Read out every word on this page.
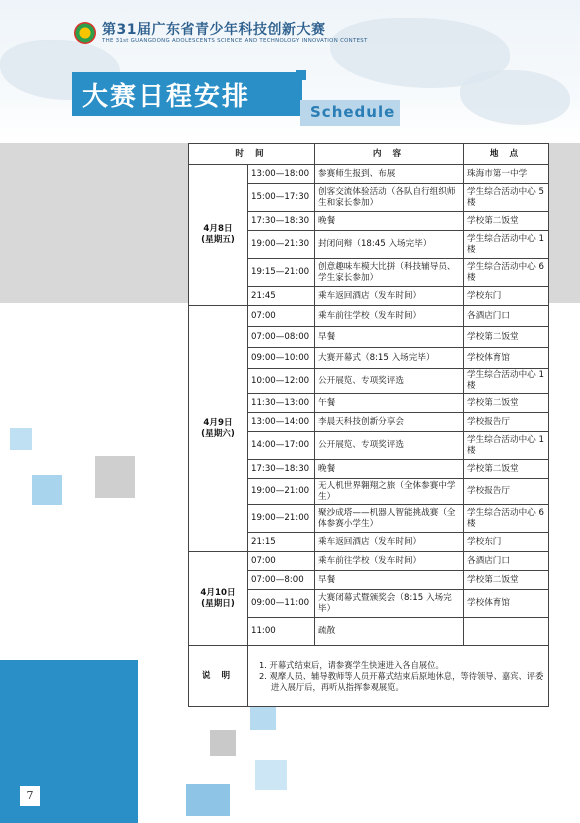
第31届广东省青少年科技创新大赛
THE 31st GUANGDONG ADOLESCENTS SCIENCE AND TECHNOLOGY INNOVATION CONTEST
大赛日程安排	Schedule
7
时 间		内 容	地 点

4月8日
(星期五)	13:00—18:00	参赛师生报到、布展	珠海市第一中学
	15:00—17:30	创客交流体验活动（各队自行组织师生和家长参加）	学生综合活动中心 5 楼
	17:30—18:30	晚餐	学校第二饭堂
	19:00—21:30	封闭问辩（18:45 入场完毕）	学生综合活动中心 1 楼
	19:15—21:00	创意趣味车模大比拼（科技辅导员、学生家长参加）	学生综合活动中心 6 楼
	21:45	乘车返回酒店（发车时间）	学校东门

4月9日
(星期六)	07:00	乘车前往学校（发车时间）	各酒店门口
	07:00—08:00	早餐	学校第二饭堂
	09:00—10:00	大赛开幕式（8:15 入场完毕）	学校体育馆
	10:00—12:00	公开展览、专项奖评选	学生综合活动中心 1 楼
	11:30—13:00	午餐	学校第二饭堂
	13:00—14:00	李晨天科技创新分享会	学校报告厅
	14:00—17:00	公开展览、专项奖评选	学生综合活动中心 1 楼
	17:30—18:30	晚餐	学校第二饭堂
	19:00—21:00	无人机世界翱翔之旅（全体参赛中学生）	学校报告厅
	19:00—21:00	聚沙成塔——机器人智能挑战赛（全体参赛小学生）	学生综合活动中心 6 楼
	21:15	乘车返回酒店（发车时间）	学校东门

4月10日
(星期日)	07:00	乘车前往学校（发车时间）	各酒店门口
	07:00—8:00	早餐	学校第二饭堂
	09:00—11:00	大赛闭幕式暨颁奖会（8:15 入场完毕）	学校体育馆
	11:00	疏散	
说 明	1. 开幕式结束后，请参赛学生快速进入各自展位。
2. 观摩人员、辅导教师等人员开幕式结束后原地休息，等待领导、嘉宾、评委进入展厅后，再听从指挥参观展览。		
